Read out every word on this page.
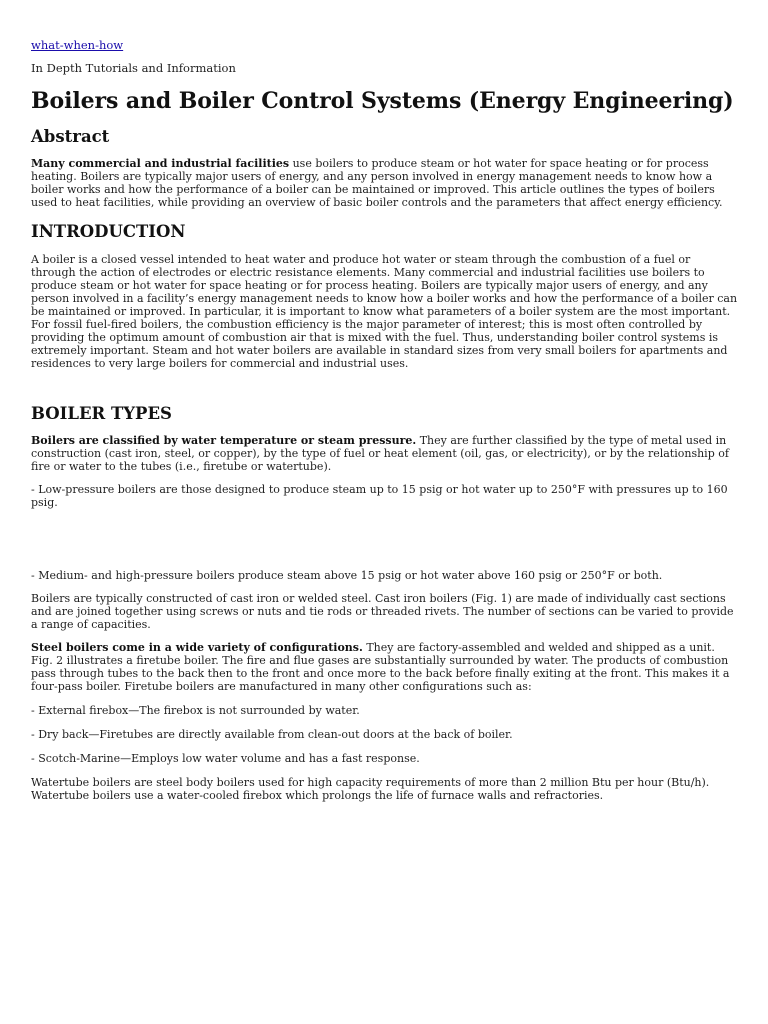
what-when-how
In Depth Tutorials and Information
Boilers and Boiler Control Systems (Energy Engineering)
Abstract

Many commercial and industrial facilities use boilers to produce steam or hot water for space heating or for process heating. Boilers are typically major users of energy, and any person involved in energy management needs to know how a boiler works and how the performance of a boiler can be maintained or improved. This article outlines the types of boilers used to heat facilities, while providing an overview of basic boiler controls and the parameters that affect energy efficiency.

INTRODUCTION

A boiler is a closed vessel intended to heat water and produce hot water or steam through the combustion of a fuel or through the action of electrodes or electric resistance elements. Many commercial and industrial facilities use boilers to produce steam or hot water for space heating or for process heating. Boilers are typically major users of energy, and any person involved in a facility’s energy management needs to know how a boiler works and how the performance of a boiler can be maintained or improved. In particular, it is important to know what parameters of a boiler system are the most important. For fossil fuel-fired boilers, the combustion efficiency is the major parameter of interest; this is most often controlled by providing the optimum amount of combustion air that is mixed with the fuel. Thus, understanding boiler control systems is extremely important. Steam and hot water boilers are available in standard sizes from very small boilers for apartments and residences to very large boilers for commercial and industrial uses.

BOILER TYPES

Boilers are classified by water temperature or steam pressure. They are further classified by the type of metal used in construction (cast iron, steel, or copper), by the type of fuel or heat element (oil, gas, or electricity), or by the relationship of fire or water to the tubes (i.e., firetube or watertube).

- Low-pressure boilers are those designed to produce steam up to 15 psig or hot water up to 250°F with pressures up to 160 psig.

- Medium- and high-pressure boilers produce steam above 15 psig or hot water above 160 psig or 250°F or both.

Boilers are typically constructed of cast iron or welded steel. Cast iron boilers (Fig. 1) are made of individually cast sections and are joined together using screws or nuts and tie rods or threaded rivets. The number of sections can be varied to provide a range of capacities.

Steel boilers come in a wide variety of configurations. They are factory-assembled and welded and shipped as a unit. Fig. 2 illustrates a firetube boiler. The fire and flue gases are substantially surrounded by water. The products of combustion pass through tubes to the back then to the front and once more to the back before finally exiting at the front. This makes it a four-pass boiler. Firetube boilers are manufactured in many other configurations such as:

- External firebox—The firebox is not surrounded by water.

- Dry back—Firetubes are directly available from clean-out doors at the back of boiler.

- Scotch-Marine—Employs low water volume and has a fast response.

Watertube boilers are steel body boilers used for high capacity requirements of more than 2 million Btu per hour (Btu/h). Watertube boilers use a water-cooled firebox which prolongs the life of furnace walls and refractories.
